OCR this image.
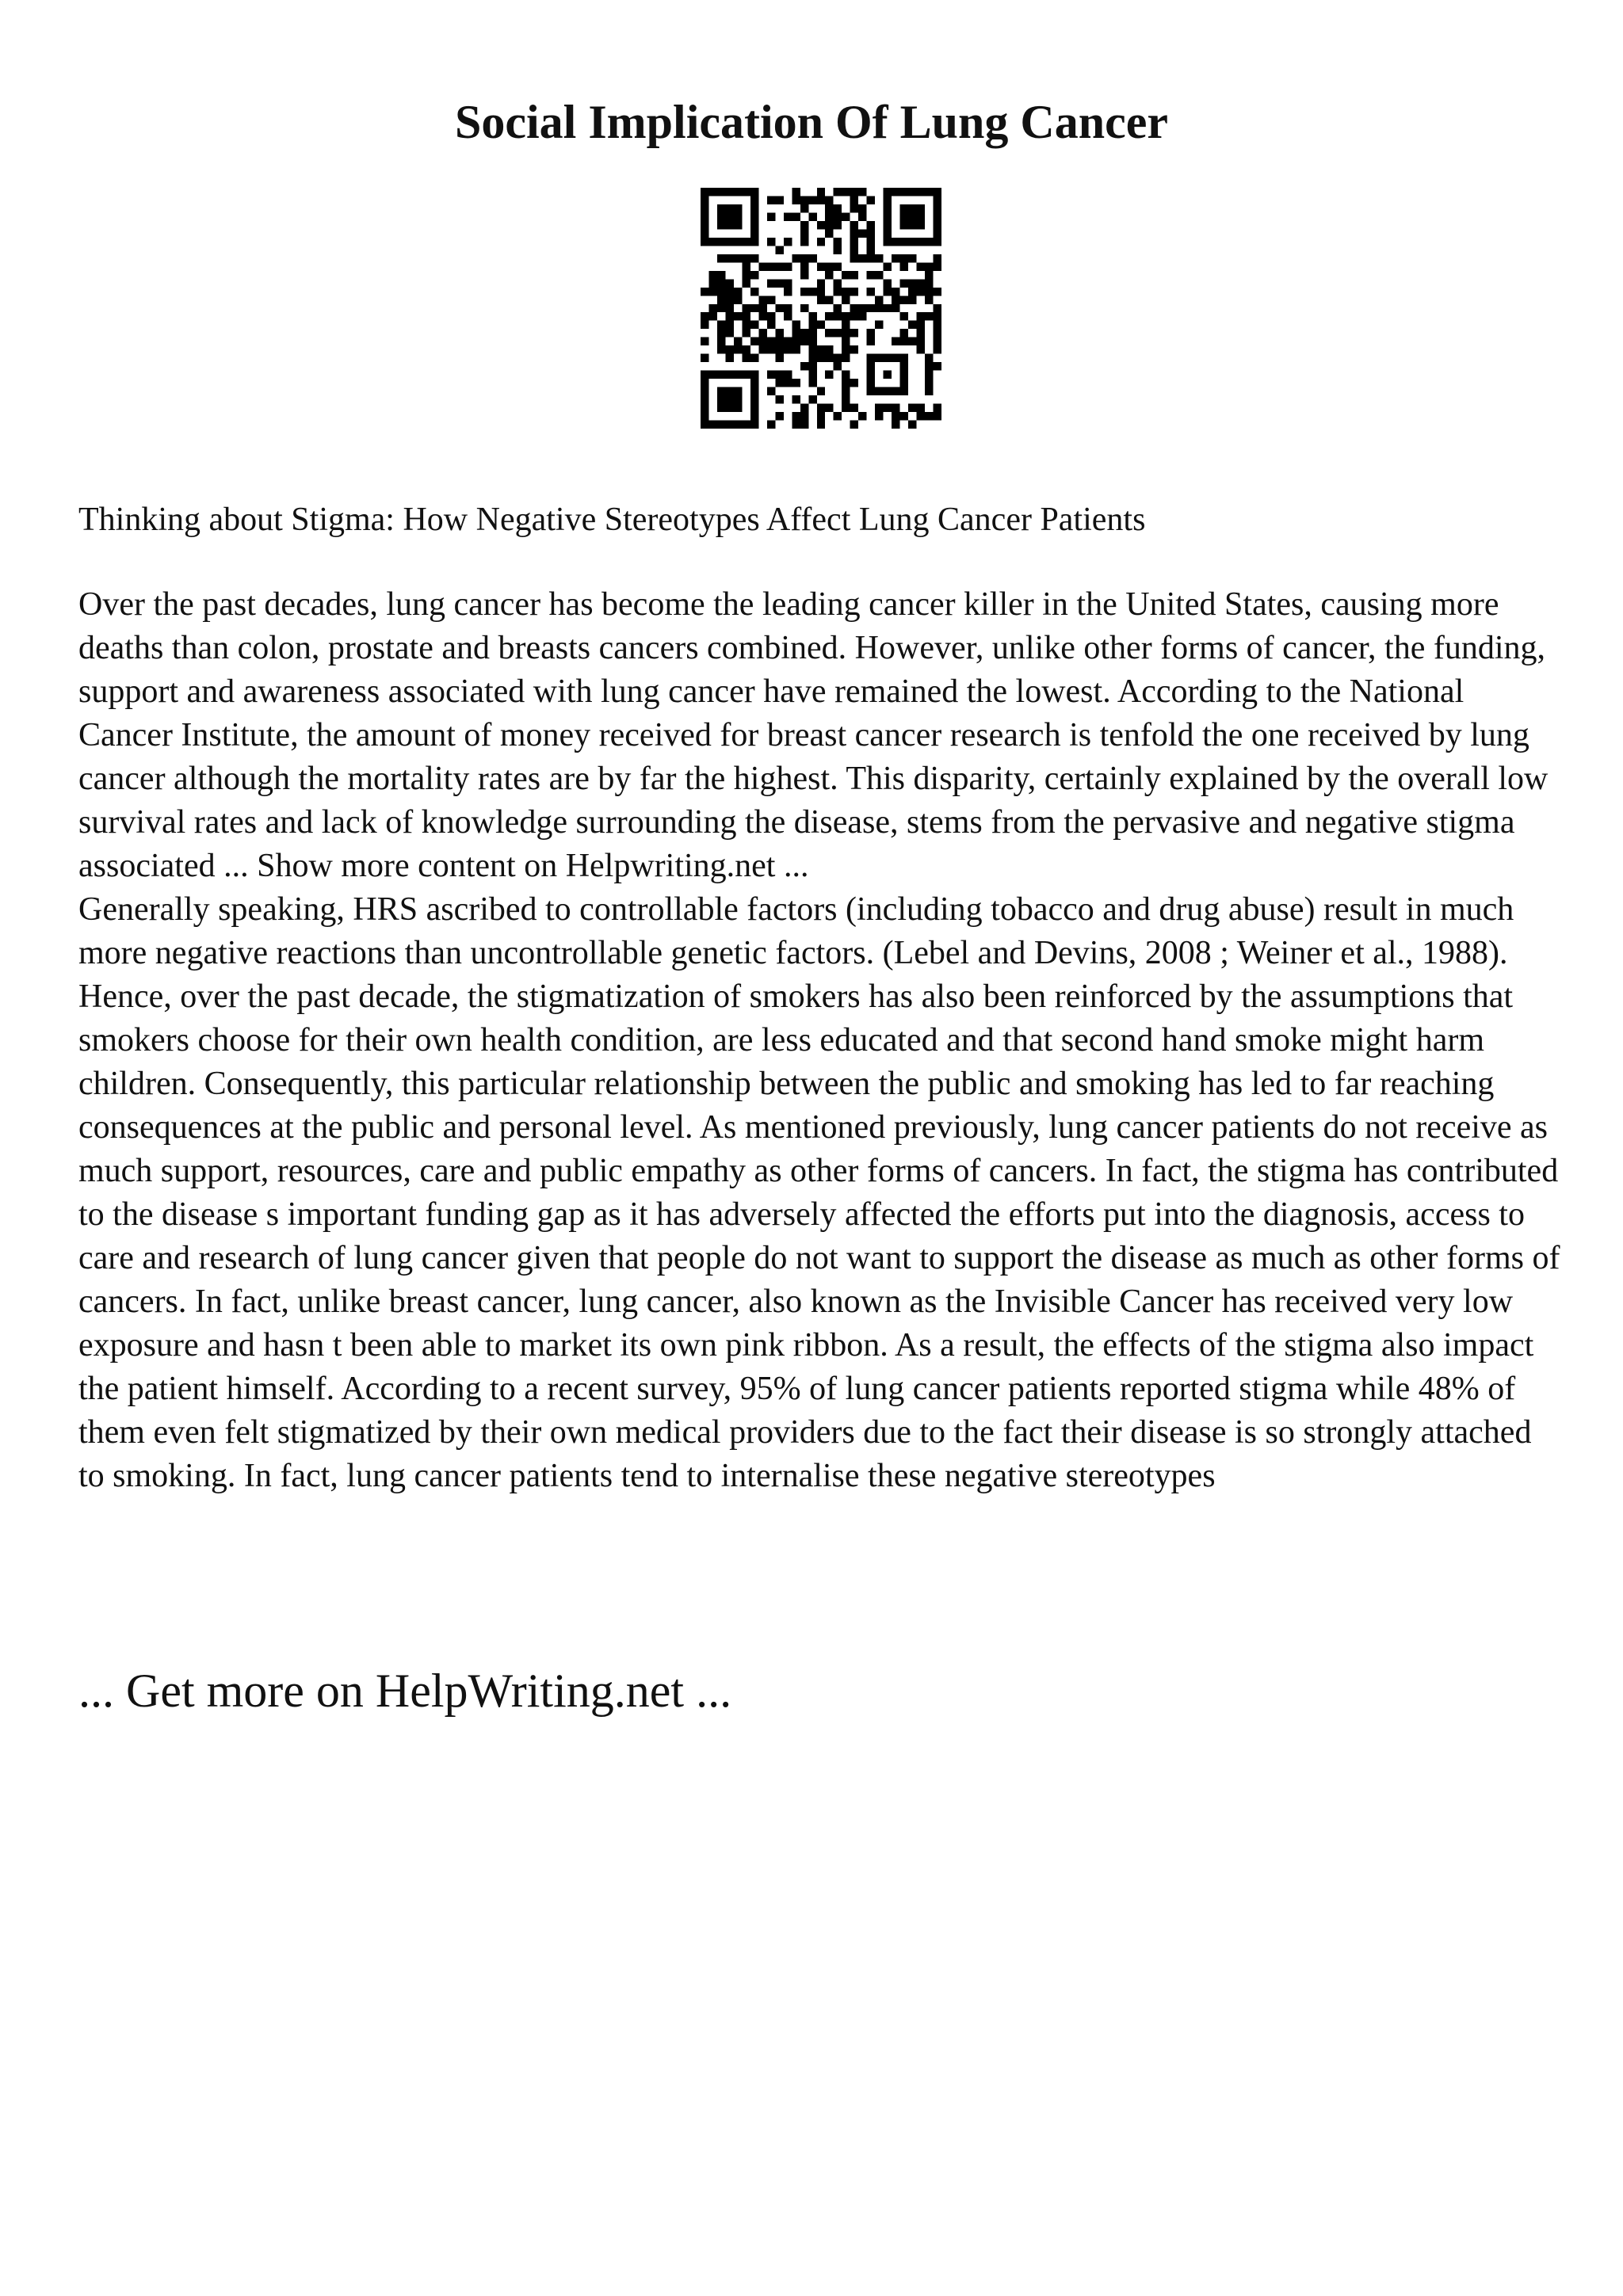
Social Implication Of Lung Cancer

Thinking about Stigma: How Negative Stereotypes Affect Lung Cancer Patients

Over the past decades, lung cancer has become the leading cancer killer in the United States, causing more deaths than colon, prostate and breasts cancers combined. However, unlike other forms of cancer, the funding, support and awareness associated with lung cancer have remained the lowest. According to the National Cancer Institute, the amount of money received for breast cancer research is tenfold the one received by lung cancer although the mortality rates are by far the highest. This disparity, certainly explained by the overall low survival rates and lack of knowledge surrounding the disease, stems from the pervasive and negative stigma associated ... Show more content on Helpwriting.net ...

Generally speaking, HRS ascribed to controllable factors (including tobacco and drug abuse) result in much more negative reactions than uncontrollable genetic factors. (Lebel and Devins, 2008 ; Weiner et al., 1988). Hence, over the past decade, the stigmatization of smokers has also been reinforced by the assumptions that smokers choose for their own health condition, are less educated and that second hand smoke might harm children. Consequently, this particular relationship between the public and smoking has led to far reaching consequences at the public and personal level. As mentioned previously, lung cancer patients do not receive as much support, resources, care and public empathy as other forms of cancers. In fact, the stigma has contributed to the disease s important funding gap as it has adversely affected the efforts put into the diagnosis, access to care and research of lung cancer given that people do not want to support the disease as much as other forms of cancers. In fact, unlike breast cancer, lung cancer, also known as the Invisible Cancer has received very low exposure and hasn t been able to market its own pink ribbon. As a result, the effects of the stigma also impact the patient himself. According to a recent survey, 95% of lung cancer patients reported stigma while 48% of them even felt stigmatized by their own medical providers due to the fact their disease is so strongly attached to smoking. In fact, lung cancer patients tend to internalise these negative stereotypes

... Get more on HelpWriting.net ...
